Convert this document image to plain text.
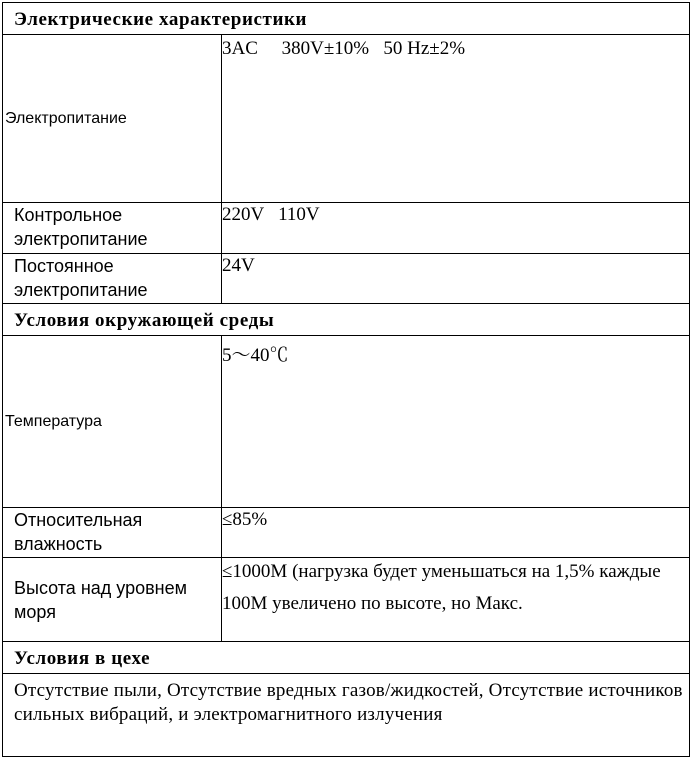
Электрические характеристики	
Электропитание	3AC     380V±10%   50 Hz±2%
Контрольное электропитание	220V   110V
Постоянное электропитание	24V
Условия окружающей среды	
Температура	5～40℃
Относительная влажность	≤85%
Высота над уровнем моря	≤1000M (нагрузка будет уменьшаться на 1,5% каждые
100M увеличено по высоте, но Макс.

Условия в цехе	
Отсутствие пыли, Отсутствие вредных газов/жидкостей, Отсутствие источников сильных вибраций, и электромагнитного излучения	
